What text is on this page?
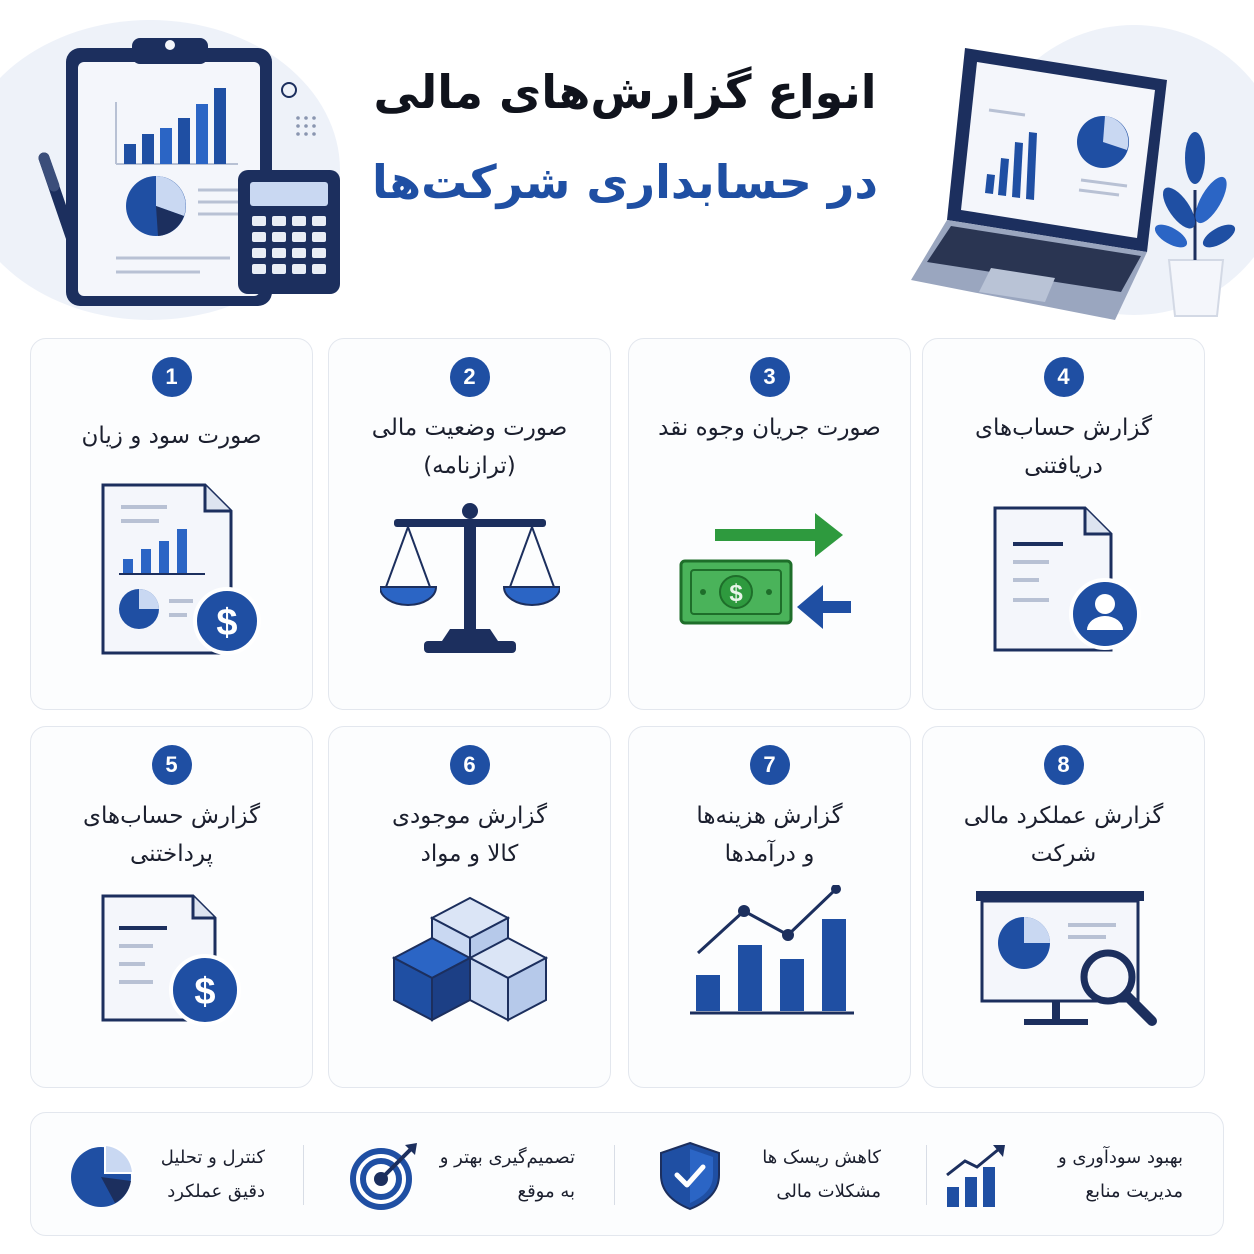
انواع گزارش‌های مالی
در حسابداری شرکت‌ها
1
صورت سود و زیان
$
2
صورت وضعیت مالی
(ترازنامه)
3
صورت جریان وجوه نقد
$
4
گزارش حساب‌های
دریافتنی
5
گزارش حساب‌های
پرداختنی
$
6
گزارش موجودی
کالا و مواد
7
گزارش هزینه‌ها
و درآمدها
8
گزارش عملکرد مالی
شرکت
بهبود سودآوری و
مدیریت منابع
کاهش ریسک ها
مشکلات مالی
تصمیم‌گیری بهتر و
به موقع
کنترل و تحلیل
دقیق عملکرد
